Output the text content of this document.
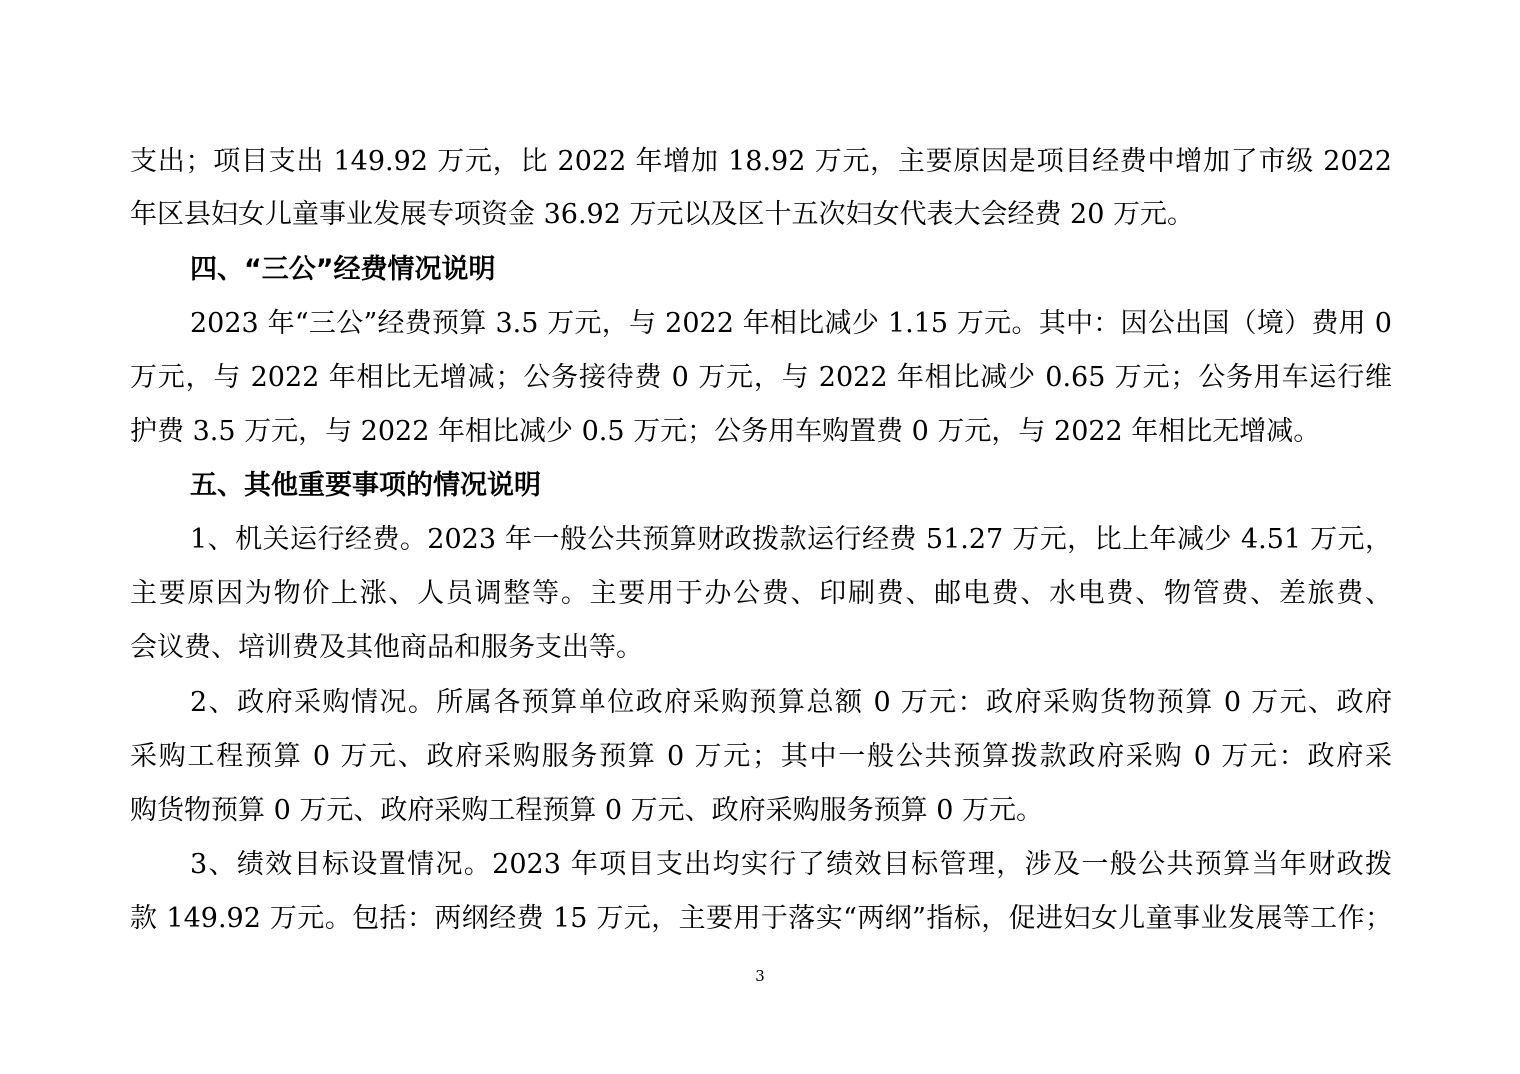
支出；项目支出 149.92 万元，比 2022 年增加 18.92 万元，主要原因是项目经费中增加了市级 2022
年区县妇女儿童事业发展专项资金 36.92 万元以及区十五次妇女代表大会经费 20 万元。
四、“三公”经费情况说明
2023 年“三公”经费预算 3.5 万元，与 2022 年相比减少 1.15 万元。其中：因公出国（境）费用 0
万元，与 2022 年相比无增减；公务接待费 0 万元，与 2022 年相比减少 0.65 万元；公务用车运行维
护费 3.5 万元，与 2022 年相比减少 0.5 万元；公务用车购置费 0 万元，与 2022 年相比无增减。
五、其他重要事项的情况说明
1、机关运行经费。2023 年一般公共预算财政拨款运行经费 51.27 万元，比上年减少 4.51 万元，
主要原因为物价上涨、人员调整等。主要用于办公费、印刷费、邮电费、水电费、物管费、差旅费、
会议费、培训费及其他商品和服务支出等。
2、政府采购情况。所属各预算单位政府采购预算总额 0 万元：政府采购货物预算 0 万元、政府
采购工程预算 0 万元、政府采购服务预算 0 万元；其中一般公共预算拨款政府采购 0 万元：政府采
购货物预算 0 万元、政府采购工程预算 0 万元、政府采购服务预算 0 万元。
3、绩效目标设置情况。2023 年项目支出均实行了绩效目标管理，涉及一般公共预算当年财政拨
款 149.92 万元。包括：两纲经费 15 万元，主要用于落实“两纲”指标，促进妇女儿童事业发展等工作；
3
